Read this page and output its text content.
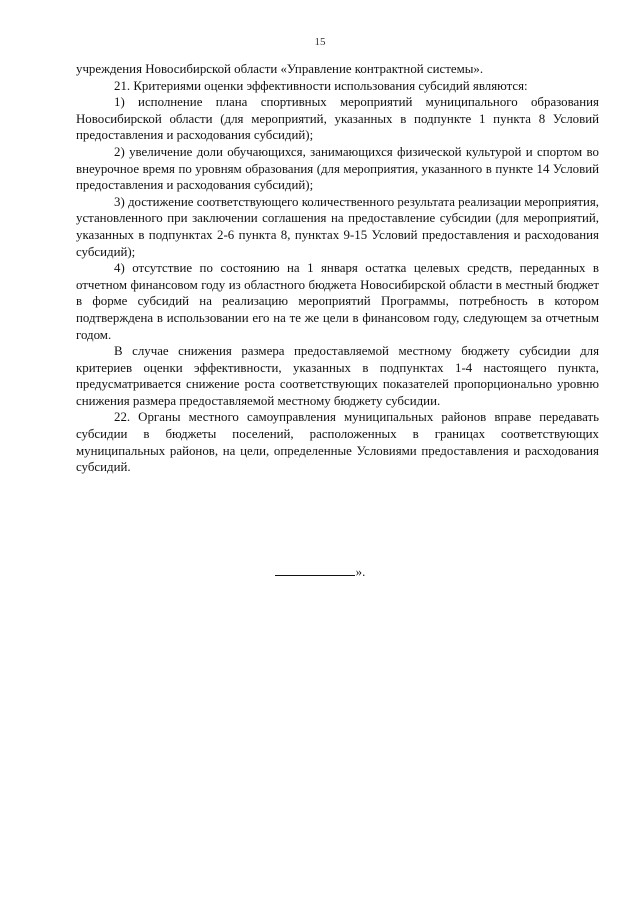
15

учреждения Новосибирской области «Управление контрактной системы».

21. Критериями оценки эффективности использования субсидий являются:

1) исполнение плана спортивных мероприятий муниципального образования Новосибирской области (для мероприятий, указанных в подпункте 1 пункта 8 Условий предоставления и расходования субсидий);

2) увеличение доли обучающихся, занимающихся физической культурой и спортом во внеурочное время по уровням образования (для мероприятия, указанного в пункте 14 Условий предоставления и расходования субсидий);

3) достижение соответствующего количественного результата реализации мероприятия, установленного при заключении соглашения на предоставление субсидии (для мероприятий, указанных в подпунктах 2-6 пункта 8, пунктах 9-15 Условий предоставления и расходования субсидий);

4) отсутствие по состоянию на 1 января остатка целевых средств, переданных в отчетном финансовом году из областного бюджета Новосибирской области в местный бюджет в форме субсидий на реализацию мероприятий Программы, потребность в котором подтверждена в использовании его на те же цели в финансовом году, следующем за отчетным годом.

В случае снижения размера предоставляемой местному бюджету субсидии для критериев оценки эффективности, указанных в подпунктах 1-4 настоящего пункта, предусматривается снижение роста соответствующих показателей пропорционально уровню снижения размера предоставляемой местному бюджету субсидии.

22. Органы местного самоуправления муниципальных районов вправе передавать субсидии в бюджеты поселений, расположенных в границах соответствующих муниципальных районов, на цели, определенные Условиями предоставления и расходования субсидий.

».
